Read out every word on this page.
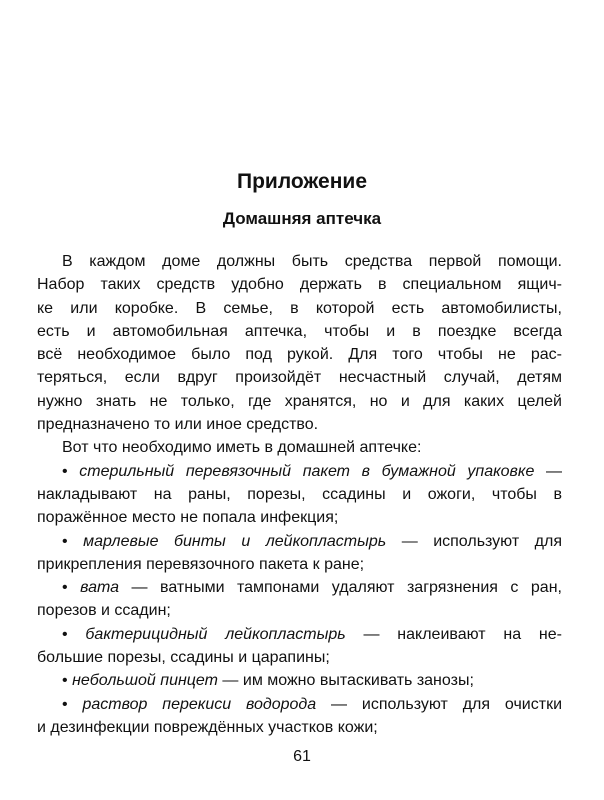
Приложение
Домашняя аптечка
В каждом доме должны быть средства первой помощи.
Набор таких средств удобно держать в специальном ящич-
ке или коробке. В семье, в которой есть автомобилисты,
есть и автомобильная аптечка, чтобы и в поездке всегда
всё необходимое было под рукой. Для того чтобы не рас-
теряться, если вдруг произойдёт несчастный случай, детям
нужно знать не только, где хранятся, но и для каких целей
предназначено то или иное средство.
Вот что необходимо иметь в домашней аптечке:
• стерильный перевязочный пакет в бумажной упаковке —
накладывают на раны, порезы, ссадины и ожоги, чтобы в
поражённое место не попала инфекция;
• марлевые бинты и лейкопластырь — используют для
прикрепления перевязочного пакета к ране;
• вата — ватными тампонами удаляют загрязнения с ран,
порезов и ссадин;
• бактерицидный лейкопластырь — наклеивают на не-
большие порезы, ссадины и царапины;
• небольшой пинцет — им можно вытаскивать занозы;
• раствор перекиси водорода — используют для очистки
и дезинфекции повреждённых участков кожи;

61
